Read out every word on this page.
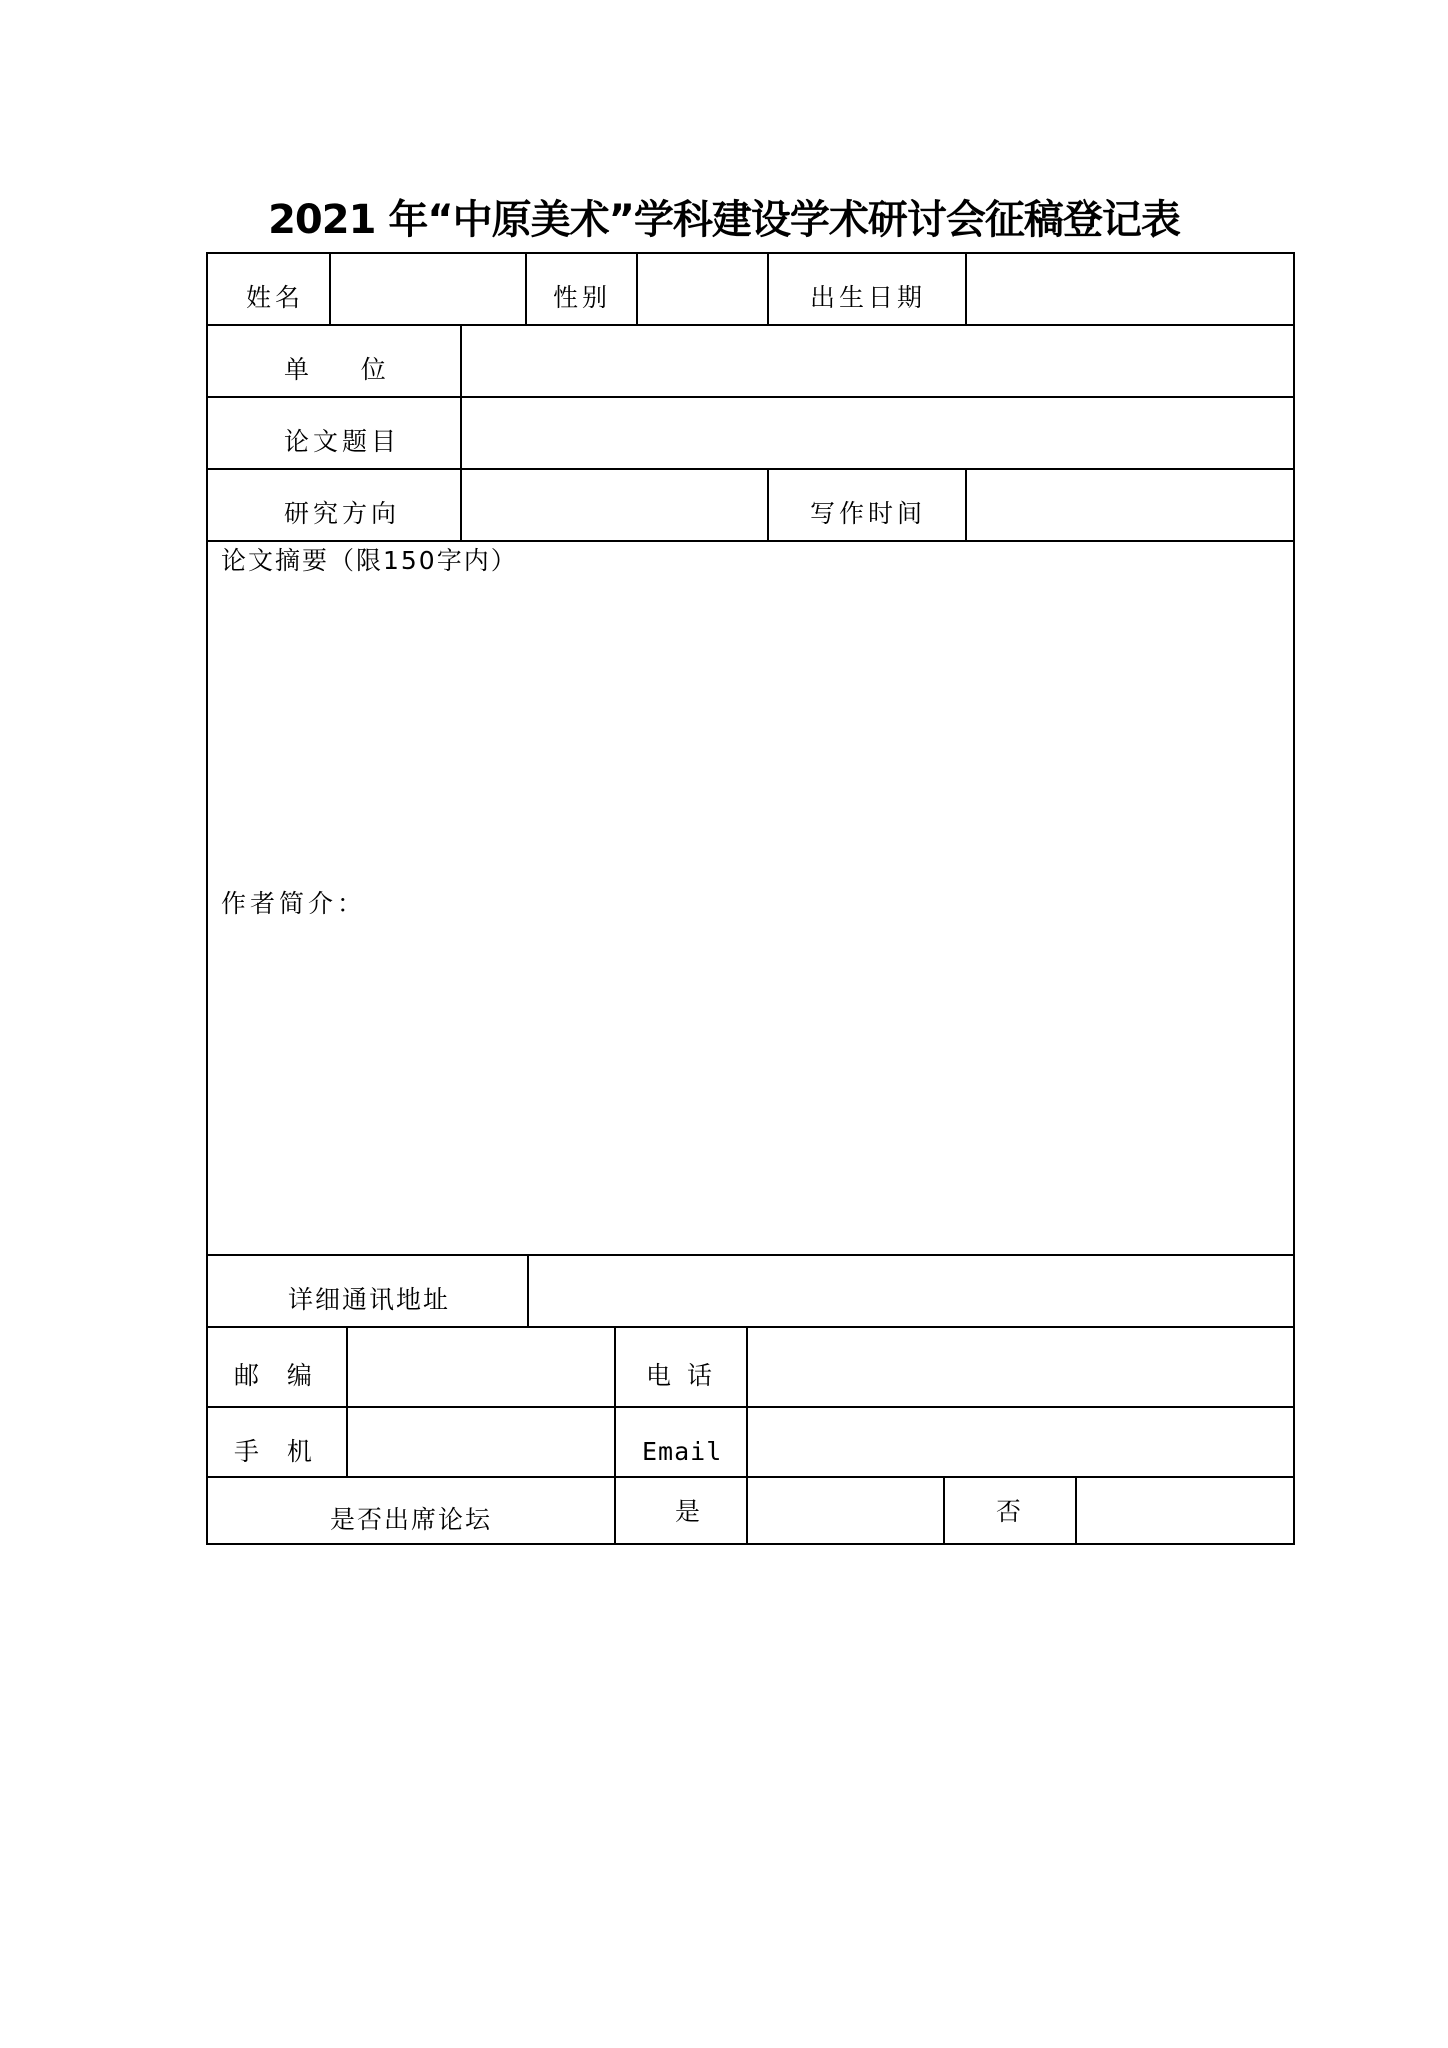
2021 年“中原美术”学科建设学术研讨会征稿登记表
姓名	性别	出生日期
单    位
论文题目
研究方向	写作时间
论文摘要（限150字内）
作者简介：
详细通讯地址
邮  编	电 话
手  机	Email
是否出席论坛	是	否
